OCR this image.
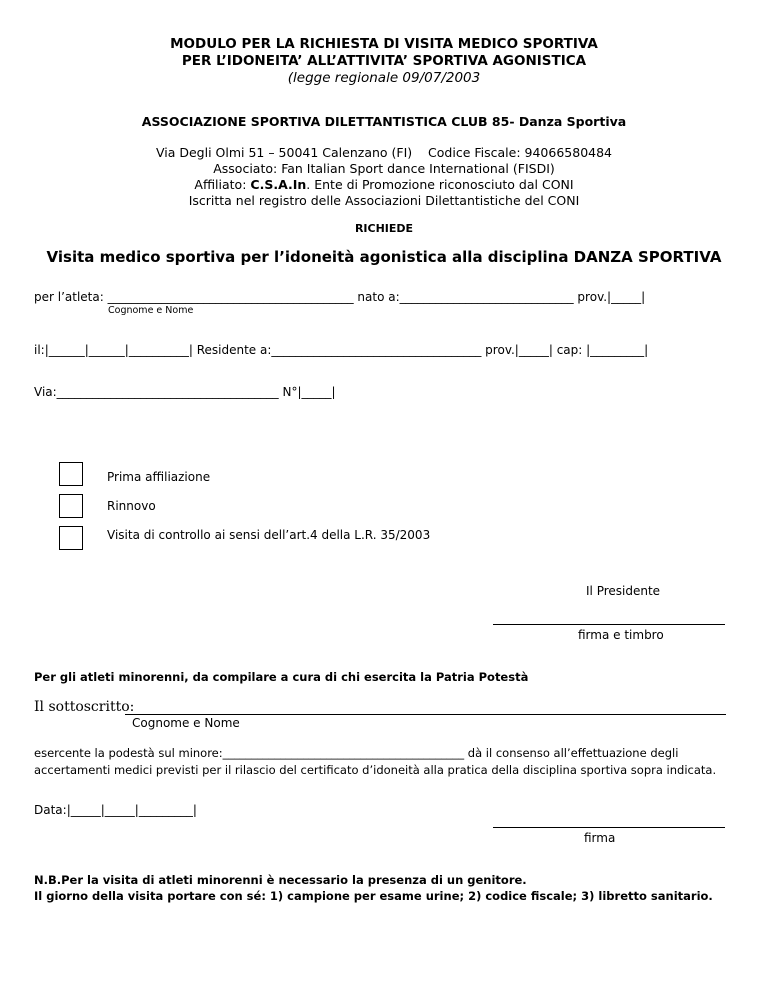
MODULO PER LA RICHIESTA DI VISITA MEDICO SPORTIVA
PER L’IDONEITA’ ALL’ATTIVITA’ SPORTIVA AGONISTICA
(legge regionale 09/07/2003
ASSOCIAZIONE SPORTIVA DILETTANTISTICA CLUB 85- Danza Sportiva
Via Degli Olmi 51 – 50041 Calenzano (FI)    Codice Fiscale: 94066580484
Associato: Fan Italian Sport dance International (FISDI)
Affiliato: C.S.A.In. Ente di Promozione riconosciuto dal CONI
Iscritta nel registro delle Associazioni Dilettantistiche del CONI
RICHIEDE
Visita medico sportiva per l’idoneità agonistica alla disciplina DANZA SPORTIVA
per l’atleta: _________________________________________ nato a:_____________________________ prov.|_____|
Cognome e Nome
il:|______|______|__________| Residente a:___________________________________ prov.|_____| cap: |_________|
Via:_____________________________________ N°|_____|
Prima affiliazione
Rinnovo
Visita di controllo ai sensi dell’art.4 della L.R. 35/2003
Il Presidente
firma e timbro
Per gli atleti minorenni, da compilare a cura di chi esercita la Patria Potestà
Il sottoscritto:
Cognome e Nome
esercente la podestà sul minore:__________________________________________ dà il consenso all’effettuazione degli
accertamenti medici previsti per il rilascio del certificato d’idoneità alla pratica della disciplina sportiva sopra indicata.
Data:|_____|_____|_________|
firma
N.B.Per la visita di atleti minorenni è necessario la presenza di un genitore.
Il giorno della visita portare con sé: 1) campione per esame urine; 2) codice fiscale; 3) libretto sanitario.
